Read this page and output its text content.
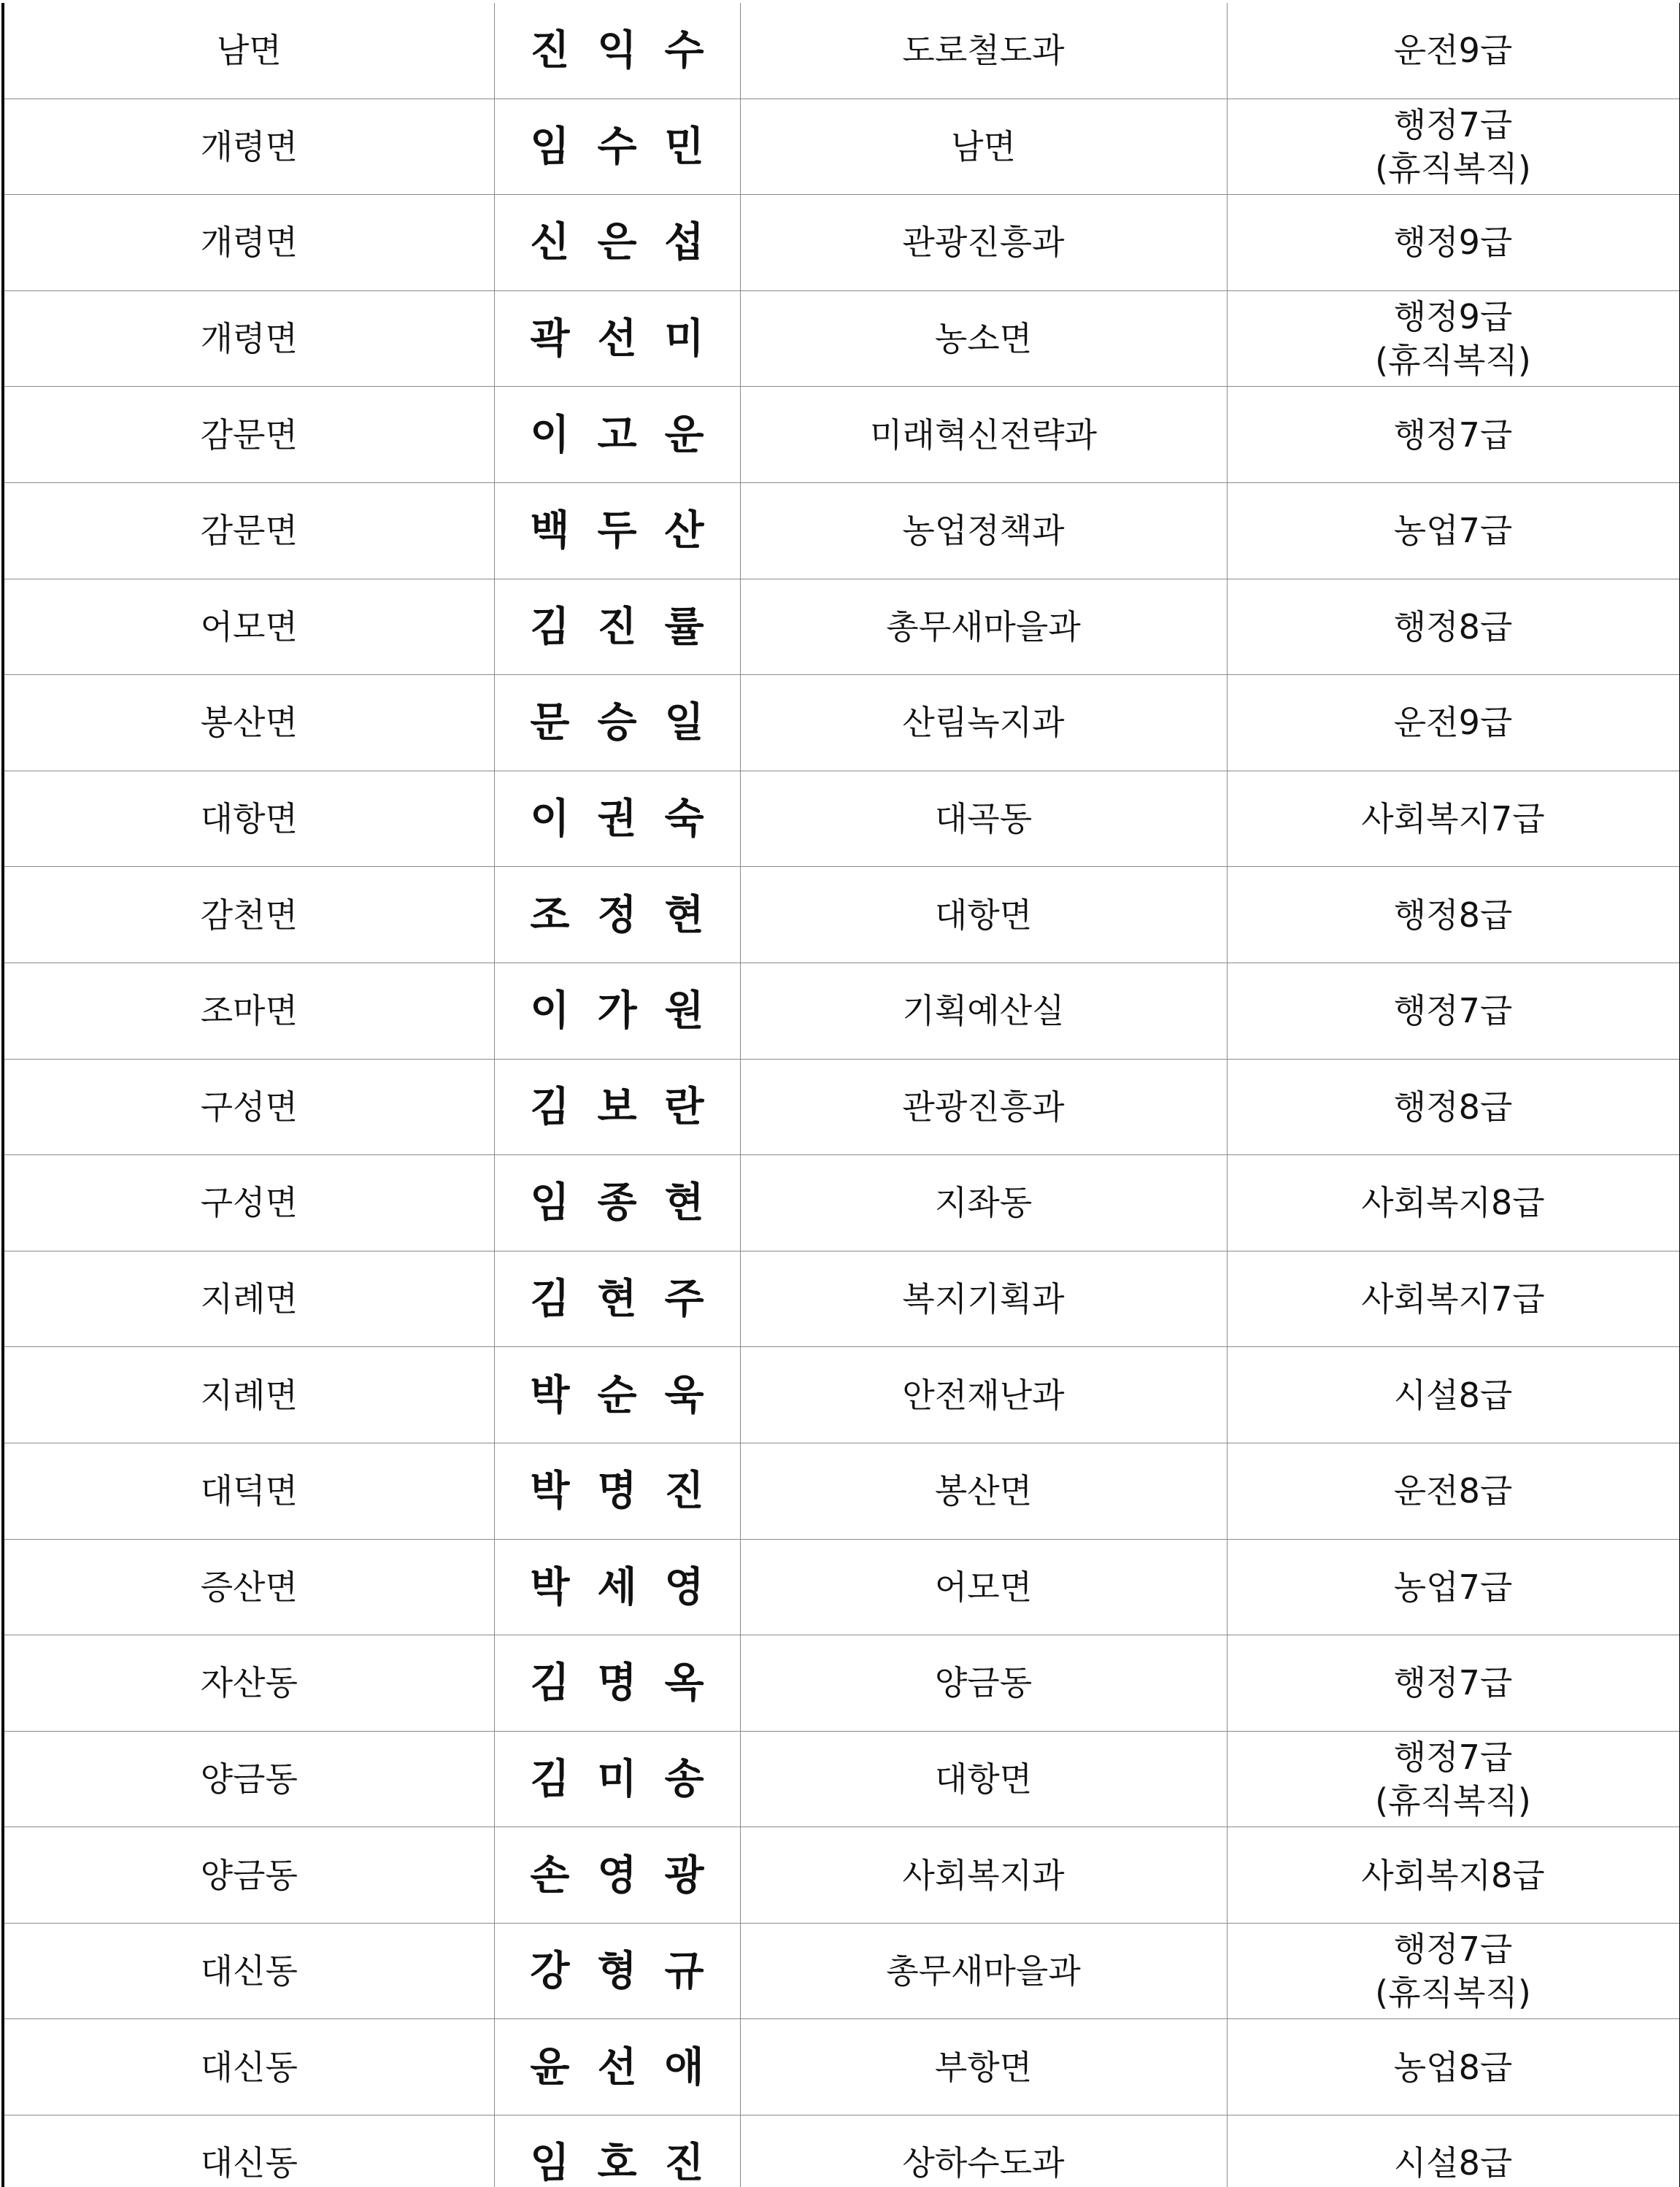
남면	진익수	도로철도과	운전9급

개령면	임수민	남면	행정7급
(휴직복직)

개령면	신은섭	관광진흥과	행정9급

개령면	곽선미	농소면	행정9급
(휴직복직)

감문면	이고운	미래혁신전략과	행정7급

감문면	백두산	농업정책과	농업7급

어모면	김진률	총무새마을과	행정8급

봉산면	문승일	산림녹지과	운전9급

대항면	이권숙	대곡동	사회복지7급

감천면	조정현	대항면	행정8급

조마면	이가원	기획예산실	행정7급

구성면	김보란	관광진흥과	행정8급

구성면	임종현	지좌동	사회복지8급

지례면	김현주	복지기획과	사회복지7급

지례면	박순욱	안전재난과	시설8급

대덕면	박명진	봉산면	운전8급

증산면	박세영	어모면	농업7급

자산동	김명옥	양금동	행정7급

양금동	김미송	대항면	행정7급
(휴직복직)

양금동	손영광	사회복지과	사회복지8급

대신동	강형규	총무새마을과	행정7급
(휴직복직)

대신동	윤선애	부항면	농업8급

대신동	임호진	상하수도과	시설8급
